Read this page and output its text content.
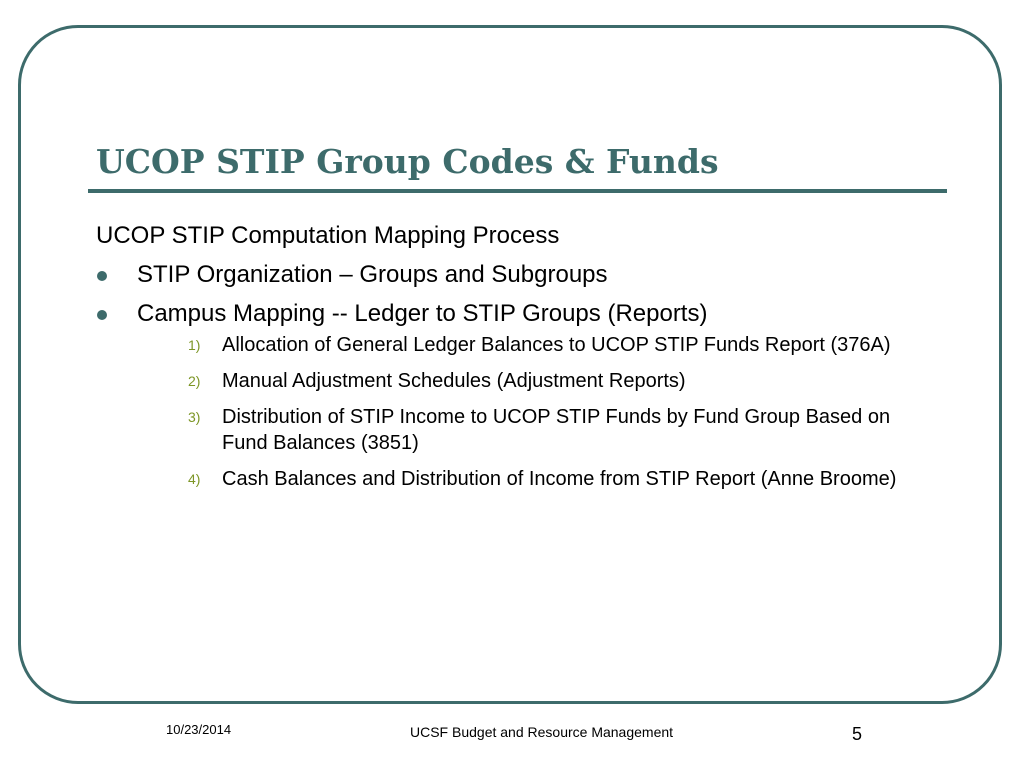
UCOP STIP Group Codes & Funds

UCOP STIP Computation Mapping Process

STIP Organization – Groups and Subgroups
Campus Mapping -- Ledger to STIP Groups (Reports)
1) Allocation of General Ledger Balances to UCOP STIP Funds Report (376A)
2) Manual Adjustment Schedules (Adjustment Reports)
3) Distribution of STIP Income to UCOP STIP Funds by Fund Group Based on Fund Balances (3851)
4) Cash Balances and Distribution of Income from STIP Report (Anne Broome)
10/23/2014	UCSF Budget and Resource Management	5
